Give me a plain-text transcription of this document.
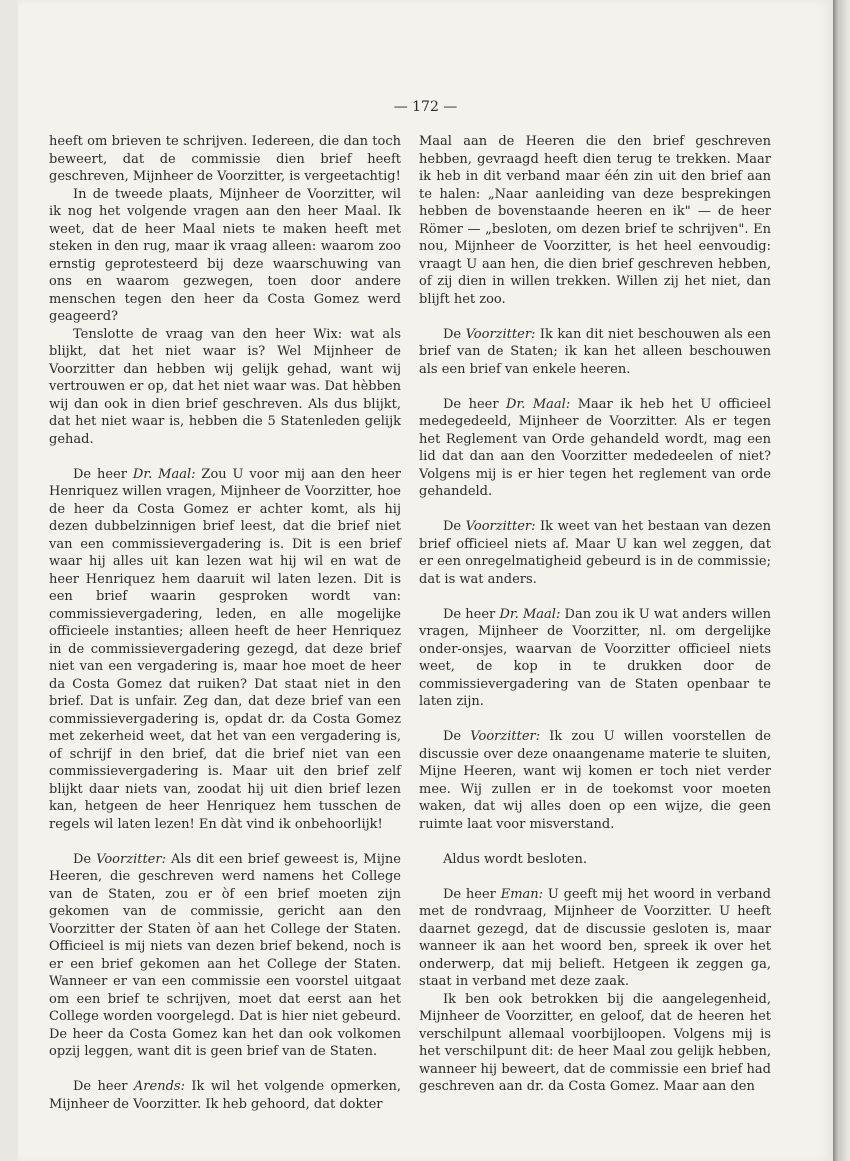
— 172 —

heeft om brieven te schrijven. Iedereen, die dan toch beweert, dat de commissie dien brief heeft geschreven, Mijnheer de Voorzitter, is vergeetachtig!

In de tweede plaats, Mijnheer de Voorzitter, wil ik nog het volgende vragen aan den heer Maal. Ik weet, dat de heer Maal niets te maken heeft met steken in den rug, maar ik vraag alleen: waarom zoo ernstig geprotesteerd bij deze waarschuwing van ons en waarom gezwegen, toen door andere menschen tegen den heer da Costa Gomez werd geageerd?

Tenslotte de vraag van den heer Wix: wat als blijkt, dat het niet waar is? Wel Mijnheer de Voorzitter dan hebben wij gelijk gehad, want wij vertrouwen er op, dat het niet waar was. Dat hèbben wij dan ook in dien brief geschreven. Als dus blijkt, dat het niet waar is, hebben die 5 Statenleden gelijk gehad.

De heer Dr. Maal: Zou U voor mij aan den heer Henriquez willen vragen, Mijnheer de Voorzitter, hoe de heer da Costa Gomez er achter komt, als hij dezen dubbelzinnigen brief leest, dat die brief niet van een commissievergadering is. Dit is een brief waar hij alles uit kan lezen wat hij wil en wat de heer Henriquez hem daaruit wil laten lezen. Dit is een brief waarin gesproken wordt van: commissievergadering, leden, en alle mogelijke officieele instanties; alleen heeft de heer Henriquez in de commissievergadering gezegd, dat deze brief niet van een vergadering is, maar hoe moet de heer da Costa Gomez dat ruiken? Dat staat niet in den brief. Dat is unfair. Zeg dan, dat deze brief van een commissievergadering is, opdat dr. da Costa Gomez met zekerheid weet, dat het van een vergadering is, of schrijf in den brief, dat die brief niet van een commissievergadering is. Maar uit den brief zelf blijkt daar niets van, zoodat hij uit dien brief lezen kan, hetgeen de heer Henriquez hem tusschen de regels wil laten lezen! En dàt vind ik onbehoorlijk!

De Voorzitter: Als dit een brief geweest is, Mijne Heeren, die geschreven werd namens het College van de Staten, zou er òf een brief moeten zijn gekomen van de commissie, gericht aan den Voorzitter der Staten òf aan het College der Staten. Officieel is mij niets van dezen brief bekend, noch is er een brief gekomen aan het College der Staten. Wanneer er van een commissie een voorstel uitgaat om een brief te schrijven, moet dat eerst aan het College worden voorgelegd. Dat is hier niet gebeurd. De heer da Costa Gomez kan het dan ook volkomen opzij leggen, want dit is geen brief van de Staten.

De heer Arends: Ik wil het volgende opmerken, Mijnheer de Voorzitter. Ik heb gehoord, dat dokter

Maal aan de Heeren die den brief geschreven hebben, gevraagd heeft dien terug te trekken. Maar ik heb in dit verband maar één zin uit den brief aan te halen: „Naar aanleiding van deze besprekingen hebben de bovenstaande heeren en ik" — de heer Römer — „besloten, om dezen brief te schrijven". En nou, Mijnheer de Voorzitter, is het heel eenvoudig: vraagt U aan hen, die dien brief geschreven hebben, of zij dien in willen trekken. Willen zij het niet, dan blijft het zoo.

De Voorzitter: Ik kan dit niet beschouwen als een brief van de Staten; ik kan het alleen beschouwen als een brief van enkele heeren.

De heer Dr. Maal: Maar ik heb het U officieel medegedeeld, Mijnheer de Voorzitter. Als er tegen het Reglement van Orde gehandeld wordt, mag een lid dat dan aan den Voorzitter mededeelen of niet? Volgens mij is er hier tegen het reglement van orde gehandeld.

De Voorzitter: Ik weet van het bestaan van dezen brief officieel niets af. Maar U kan wel zeggen, dat er een onregelmatigheid gebeurd is in de commissie; dat is wat anders.

De heer Dr. Maal: Dan zou ik U wat anders willen vragen, Mijnheer de Voorzitter, nl. om dergelijke onder-onsjes, waarvan de Voorzitter officieel niets weet, de kop in te drukken door de commissievergadering van de Staten openbaar te laten zijn.

De Voorzitter: Ik zou U willen voorstellen de discussie over deze onaangename materie te sluiten, Mijne Heeren, want wij komen er toch niet verder mee. Wij zullen er in de toekomst voor moeten waken, dat wij alles doen op een wijze, die geen ruimte laat voor misverstand.

Aldus wordt besloten.

De heer Eman: U geeft mij het woord in verband met de rondvraag, Mijnheer de Voorzitter. U heeft daarnet gezegd, dat de discussie gesloten is, maar wanneer ik aan het woord ben, spreek ik over het onderwerp, dat mij belieft. Hetgeen ik zeggen ga, staat in verband met deze zaak.

Ik ben ook betrokken bij die aangelegenheid, Mijnheer de Voorzitter, en geloof, dat de heeren het verschilpunt allemaal voorbijloopen. Volgens mij is het verschilpunt dit: de heer Maal zou gelijk hebben, wanneer hij beweert, dat de commissie een brief had geschreven aan dr. da Costa Gomez. Maar aan den
